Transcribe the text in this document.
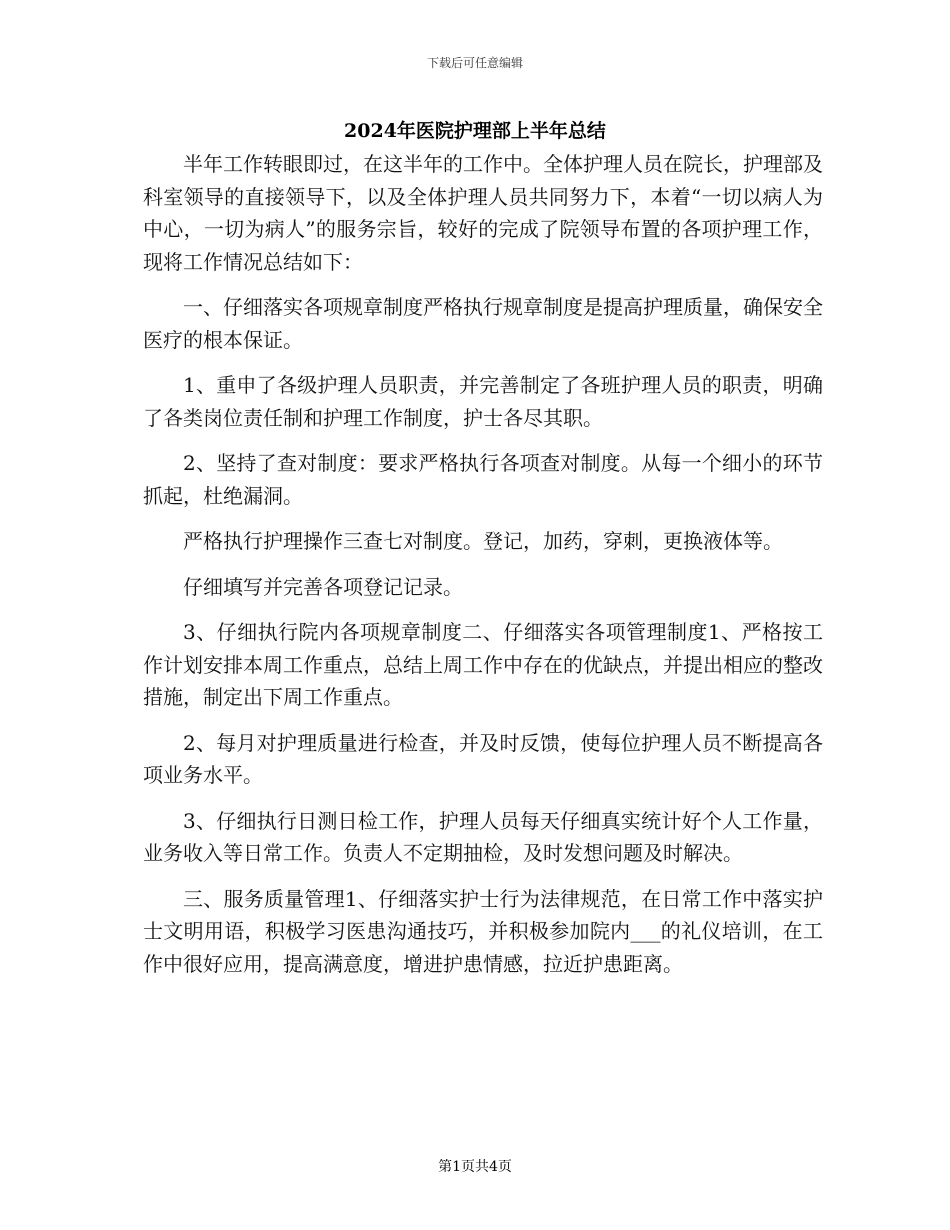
下载后可任意编辑
2024年医院护理部上半年总结

半年工作转眼即过，在这半年的工作中。全体护理人员在院长，护理部及科室领导的直接领导下，以及全体护理人员共同努力下，本着“一切以病人为中心，一切为病人”的服务宗旨，较好的完成了院领导布置的各项护理工作，现将工作情况总结如下：

一、仔细落实各项规章制度严格执行规章制度是提高护理质量，确保安全医疗的根本保证。

1、重申了各级护理人员职责，并完善制定了各班护理人员的职责，明确了各类岗位责任制和护理工作制度，护士各尽其职。

2、坚持了查对制度：要求严格执行各项查对制度。从每一个细小的环节抓起，杜绝漏洞。

严格执行护理操作三查七对制度。登记，加药，穿刺，更换液体等。

仔细填写并完善各项登记记录。

3、仔细执行院内各项规章制度二、仔细落实各项管理制度1、严格按工作计划安排本周工作重点，总结上周工作中存在的优缺点，并提出相应的整改措施，制定出下周工作重点。

2、每月对护理质量进行检查，并及时反馈，使每位护理人员不断提高各项业务水平。

3、仔细执行日测日检工作，护理人员每天仔细真实统计好个人工作量，业务收入等日常工作。负责人不定期抽检，及时发想问题及时解决。

三、服务质量管理1、仔细落实护士行为法律规范，在日常工作中落实护士文明用语，积极学习医患沟通技巧，并积极参加院内___的礼仪培训，在工作中很好应用，提高满意度，增进护患情感，拉近护患距离。

第1页共4页
